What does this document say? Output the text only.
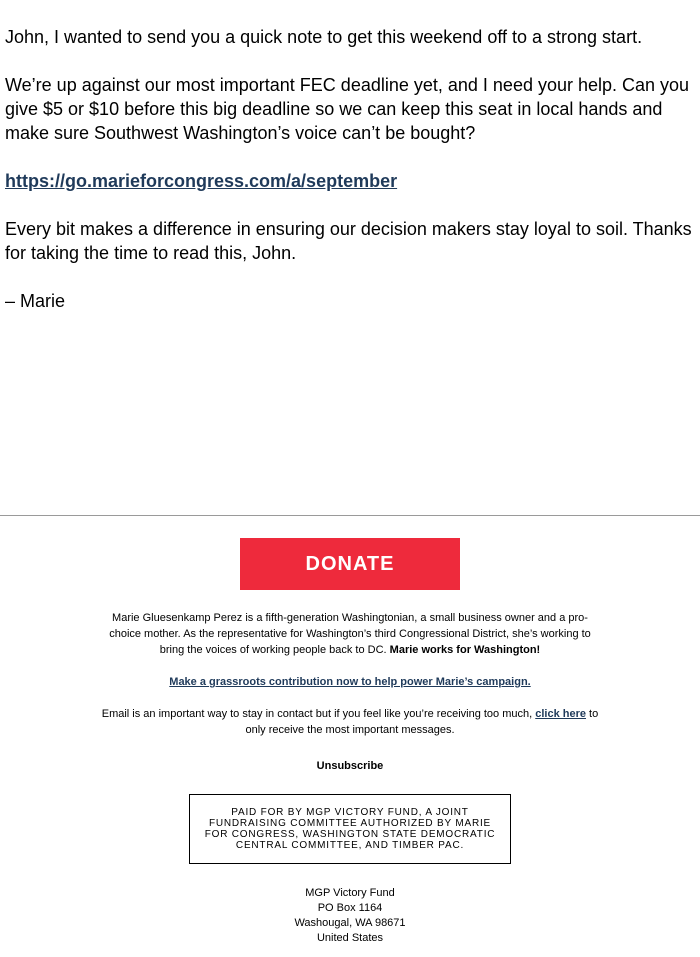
John, I wanted to send you a quick note to get this weekend off to a strong start.

We’re up against our most important FEC deadline yet, and I need your help. Can you give $5 or $10 before this big deadline so we can keep this seat in local hands and make sure Southwest Washington’s voice can’t be bought?

https://go.marieforcongress.com/a/september

Every bit makes a difference in ensuring our decision makers stay loyal to soil. Thanks for taking the time to read this, John.

– Marie

DONATE
Marie Gluesenkamp Perez is a fifth-generation Washingtonian, a small business owner and a pro-choice mother. As the representative for Washington’s third Congressional District, she’s working to bring the voices of working people back to DC. Marie works for Washington!
Make a grassroots contribution now to help power Marie’s campaign.
Email is an important way to stay in contact but if you feel like you’re receiving too much, click here to only receive the most important messages.
Unsubscribe
PAID FOR BY MGP VICTORY FUND, A JOINT FUNDRAISING COMMITTEE AUTHORIZED BY MARIE FOR CONGRESS, WASHINGTON STATE DEMOCRATIC CENTRAL COMMITTEE, AND TIMBER PAC.
MGP Victory Fund
PO Box 1164
Washougal, WA 98671
United States
